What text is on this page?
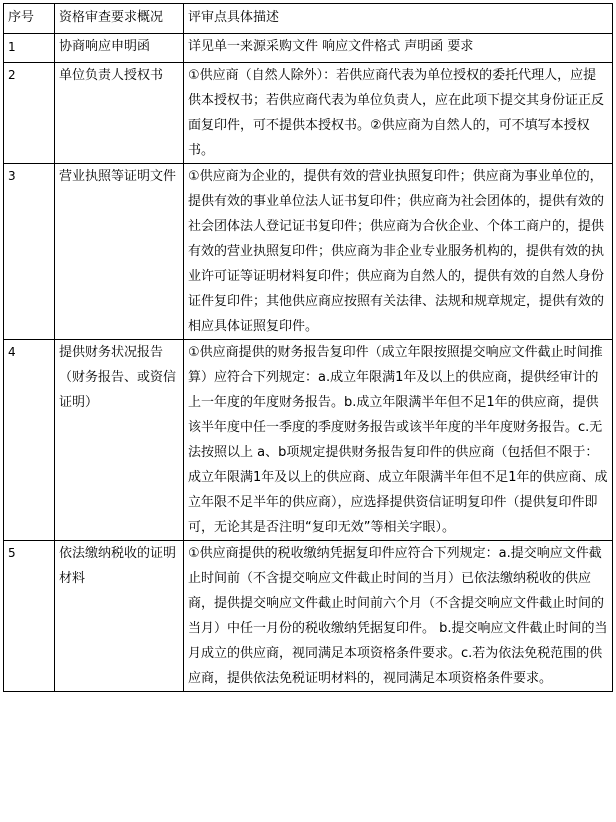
序号	资格审查要求概况	评审点具体描述
1	协商响应申明函	详见单一来源采购文件 响应文件格式 声明函 要求
2	单位负责人授权书	①供应商（自然人除外）：若供应商代表为单位授权的委托代理人，应提供本授权书；若供应商代表为单位负责人，应在此项下提交其身份证正反面复印件，可不提供本授权书。②供应商为自然人的，可不填写本授权书。
3	营业执照等证明文件	①供应商为企业的，提供有效的营业执照复印件；供应商为事业单位的，提供有效的事业单位法人证书复印件；供应商为社会团体的，提供有效的社会团体法人登记证书复印件；供应商为合伙企业、个体工商户的，提供有效的营业执照复印件；供应商为非企业专业服务机构的，提供有效的执业许可证等证明材料复印件；供应商为自然人的，提供有效的自然人身份证件复印件；其他供应商应按照有关法律、法规和规章规定，提供有效的相应具体证照复印件。
4	提供财务状况报告（财务报告、或资信证明）	①供应商提供的财务报告复印件（成立年限按照提交响应文件截止时间推算）应符合下列规定：a.成立年限满1年及以上的供应商，提供经审计的上一年度的年度财务报告。b.成立年限满半年但不足1年的供应商，提供该半年度中任一季度的季度财务报告或该半年度的半年度财务报告。c.无法按照以上 a、b项规定提供财务报告复印件的供应商（包括但不限于：成立年限满1年及以上的供应商、成立年限满半年但不足1年的供应商、成立年限不足半年的供应商），应选择提供资信证明复印件（提供复印件即可，无论其是否注明“复印无效”等相关字眼）。
5	依法缴纳税收的证明材料	①供应商提供的税收缴纳凭据复印件应符合下列规定：a.提交响应文件截止时间前（不含提交响应文件截止时间的当月）已依法缴纳税收的供应商，提供提交响应文件截止时间前六个月（不含提交响应文件截止时间的当月）中任一月份的税收缴纳凭据复印件。 b.提交响应文件截止时间的当月成立的供应商，视同满足本项资格条件要求。c.若为依法免税范围的供应商，提供依法免税证明材料的，视同满足本项资格条件要求。
